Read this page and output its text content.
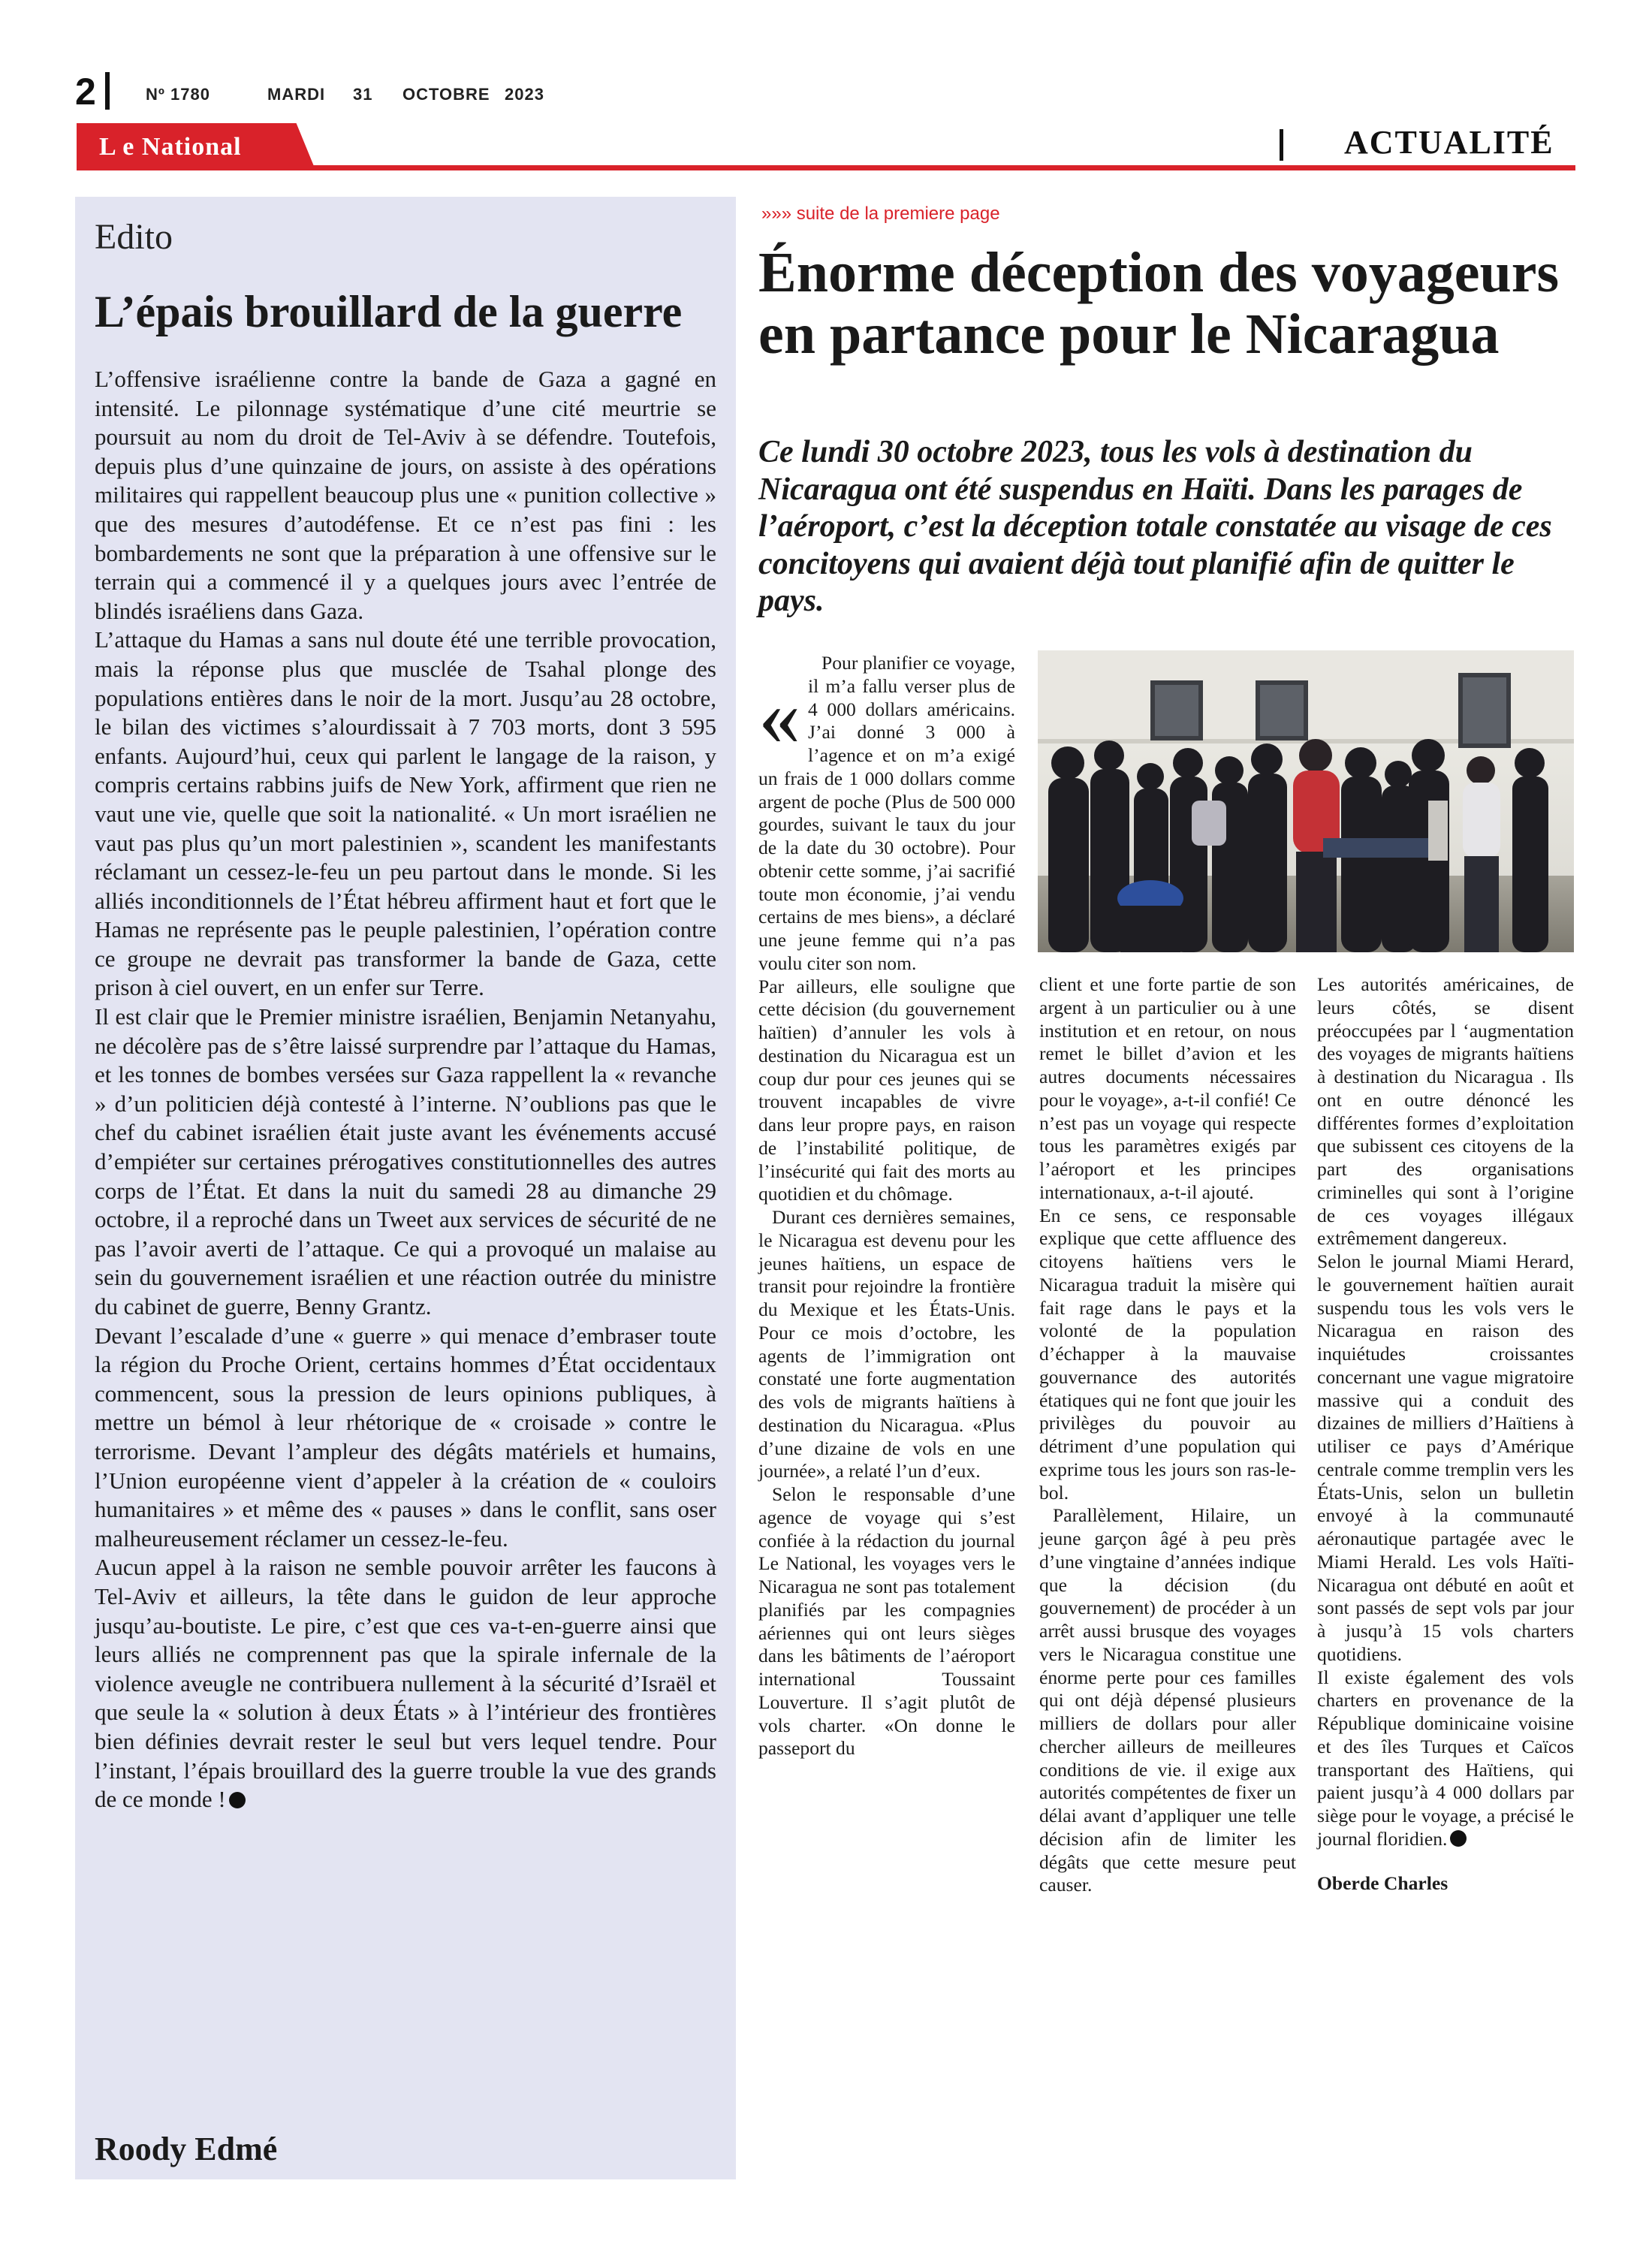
2	Nº 1780	MARDI 31 OCTOBRE 2023
L e National	ACTUALITÉ
Edito
L’épais brouillard de la guerre

L’offensive israélienne contre la bande de Gaza a gagné en intensité. Le pilonnage systématique d’une cité meurtrie se poursuit au nom du droit de Tel-Aviv à se défendre. Toutefois, depuis plus d’une quinzaine de jours, on assiste à des opérations militaires qui rappellent beaucoup plus une « punition collective » que des mesures d’autodéfense. Et ce n’est pas fini : les bombardements ne sont que la préparation à une offensive sur le terrain qui a commencé il y a quelques jours avec l’entrée de blindés israéliens dans Gaza.

L’attaque du Hamas a sans nul doute été une terrible provocation, mais la réponse plus que musclée de Tsahal plonge des populations entières dans le noir de la mort. Jusqu’au 28 octobre, le bilan des victimes s’alourdissait à 7 703 morts, dont 3 595 enfants. Aujourd’hui, ceux qui parlent le langage de la raison, y compris certains rabbins juifs de New York, affirment que rien ne vaut une vie, quelle que soit la nationalité. « Un mort israélien ne vaut pas plus qu’un mort palestinien », scandent les manifestants réclamant un cessez-le-feu un peu partout dans le monde. Si les alliés inconditionnels de l’État hébreu affirment haut et fort que le Hamas ne représente pas le peuple palestinien, l’opération contre ce groupe ne devrait pas transformer la bande de Gaza, cette prison à ciel ouvert, en un enfer sur Terre.

Il est clair que le Premier ministre israélien, Benjamin Netanyahu, ne décolère pas de s’être laissé surprendre par l’attaque du Hamas, et les tonnes de bombes versées sur Gaza rappellent la « revanche » d’un politicien déjà contesté à l’interne. N’oublions pas que le chef du cabinet israélien était juste avant les événements accusé d’empiéter sur certaines prérogatives constitutionnelles des autres corps de l’État. Et dans la nuit du samedi 28 au dimanche 29 octobre, il a reproché dans un Tweet aux services de sécurité de ne pas l’avoir averti de l’attaque. Ce qui a provoqué un malaise au sein du gouvernement israélien et une réaction outrée du ministre du cabinet de guerre, Benny Grantz.

Devant l’escalade d’une « guerre » qui menace d’embraser toute la région du Proche Orient, certains hommes d’État occidentaux commencent, sous la pression de leurs opinions publiques, à mettre un bémol à leur rhétorique de « croisade » contre le terrorisme. Devant l’ampleur des dégâts matériels et humains, l’Union européenne vient d’appeler à la création de « couloirs humanitaires » et même des « pauses » dans le conflit, sans oser malheureusement réclamer un cessez-le-feu.

Aucun appel à la raison ne semble pouvoir arrêter les faucons à Tel-Aviv et ailleurs, la tête dans le guidon de leur approche jusqu’au-boutiste. Le pire, c’est que ces va-t-en-guerre ainsi que leurs alliés ne comprennent pas que la spirale infernale de la violence aveugle ne contribuera nullement à la sécurité d’Israël et que seule la « solution à deux États » à l’intérieur des frontières bien définies devrait rester le seul but vers lequel tendre. Pour l’instant, l’épais brouillard des la guerre trouble la vue des grands de ce monde !

Roody Edmé
»»» suite de la premiere page
Énorme déception des voyageurs en partance pour le Nicaragua
Ce lundi 30 octobre 2023, tous les vols à destination du Nicaragua ont été suspendus en Haïti. Dans les parages de l’aéroport, c’est la déception totale constatée au visage de ces concitoyens qui avaient déjà tout planifié afin de quitter le pays.
«

Pour planifier ce voyage, il m’a fallu verser plus de 4 000 dollars américains. J’ai donné 3 000 à l’agence et on m’a exigé un frais de 1 000 dollars comme argent de poche (Plus de 500 000 gourdes, suivant le taux du jour de la date du 30 octobre). Pour obtenir cette somme, j’ai sacrifié toute mon économie, j’ai vendu certains de mes biens», a déclaré une jeune femme qui n’a pas voulu citer son nom.

Par ailleurs, elle souligne que cette décision (du gouvernement haïtien) d’annuler les vols à destination du Nicaragua est un coup dur pour ces jeunes qui se trouvent incapables de vivre dans leur propre pays, en raison de l’instabilité politique, de l’insécurité qui fait des morts au quotidien et du chômage.

Durant ces dernières semaines, le Nicaragua est devenu pour les jeunes haïtiens, un espace de transit pour rejoindre la frontière du Mexique et les États-Unis. Pour ce mois d’octobre, les agents de l’immigration ont constaté une forte augmentation des vols de migrants haïtiens à destination du Nicaragua. «Plus d’une dizaine de vols en une journée», a relaté l’un d’eux.

Selon le responsable d’une agence de voyage qui s’est confiée à la rédaction du journal Le National, les voyages vers le Nicaragua ne sont pas totalement planifiés par les compagnies aériennes qui ont leurs sièges dans les bâtiments de l’aéroport international Toussaint Louverture. Il s’agit plutôt de vols charter. «On donne le passeport du

client et une forte partie de son argent à un particulier ou à une institution et en retour, on nous remet le billet d’avion et les autres documents nécessaires pour le voyage», a-t-il confié! Ce n’est pas un voyage qui respecte tous les paramètres exigés par l’aéroport et les principes internationaux, a-t-il ajouté.

En ce sens, ce responsable explique que cette affluence des citoyens haïtiens vers le Nicaragua traduit la misère qui fait rage dans le pays et la volonté de la population d’échapper à la mauvaise gouvernance des autorités étatiques qui ne font que jouir les privilèges du pouvoir au détriment d’une population qui exprime tous les jours son ras-le-bol.

Parallèlement, Hilaire, un jeune garçon âgé à peu près d’une vingtaine d’années indique que la décision (du gouvernement) de procéder à un arrêt aussi brusque des voyages vers le Nicaragua constitue une énorme perte pour ces familles qui ont déjà dépensé plusieurs milliers de dollars pour aller chercher ailleurs de meilleures conditions de vie. il exige aux autorités compétentes de fixer un délai avant d’appliquer une telle décision afin de limiter les dégâts que cette mesure peut causer.

Les autorités américaines, de leurs côtés, se disent préoccupées par l ‘augmentation des voyages de migrants haïtiens à destination du Nicaragua . Ils ont en outre dénoncé les différentes formes d’exploitation que subissent ces citoyens de la part des organisations criminelles qui sont à l’origine de ces voyages illégaux extrêmement dangereux.

Selon le journal Miami Herard, le gouvernement haïtien aurait suspendu tous les vols vers le Nicaragua en raison des inquiétudes croissantes concernant une vague migratoire massive qui a conduit des dizaines de milliers d’Haïtiens à utiliser ce pays d’Amérique centrale comme tremplin vers les États-Unis, selon un bulletin envoyé à la communauté aéronautique partagée avec le Miami Herald. Les vols Haïti-Nicaragua ont débuté en août et sont passés de sept vols par jour à jusqu’à 15 vols charters quotidiens.

Il existe également des vols charters en provenance de la République dominicaine voisine et des îles Turques et Caïcos transportant des Haïtiens, qui paient jusqu’à 4 000 dollars par siège pour le voyage, a précisé le journal floridien.

Oberde Charles
